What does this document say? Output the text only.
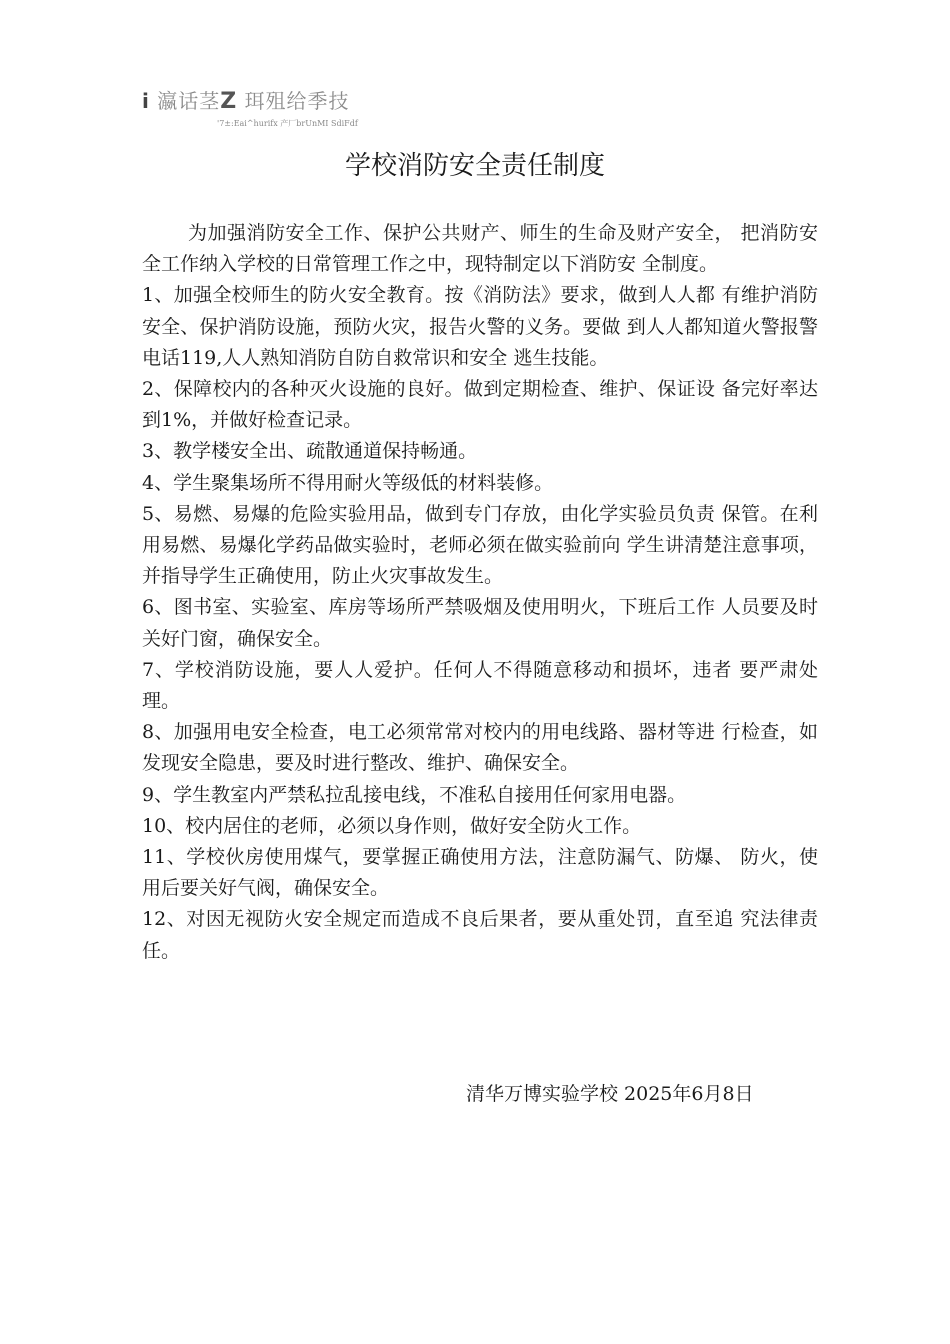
i 瀛话茎Z 珥殂给季技
'7±:Eai^hurifx 产厂brUnMI SdiFdf
学校消防安全责任制度

为加强消防安全工作、保护公共财产、师生的生命及财产安全， 把消防安全工作纳入学校的日常管理工作之中，现特制定以下消防安 全制度。

1、加强全校师生的防火安全教育。按《消防法》要求，做到人人都 有维护消防安全、保护消防设施，预防火灾，报告火警的义务。要做 到人人都知道火警报警电话119,人人熟知消防自防自救常识和安全 逃生技能。

2、保障校内的各种灭火设施的良好。做到定期检查、维护、保证设 备完好率达到1%，并做好检查记录。

3、教学楼安全出、疏散通道保持畅通。

4、学生聚集场所不得用耐火等级低的材料装修。

5、易燃、易爆的危险实验用品，做到专门存放，由化学实验员负责 保管。在利用易燃、易爆化学药品做实验时，老师必须在做实验前向 学生讲清楚注意事项，并指导学生正确使用，防止火灾事故发生。

6、图书室、实验室、库房等场所严禁吸烟及使用明火，下班后工作 人员要及时关好门窗，确保安全。

7、学校消防设施，要人人爱护。任何人不得随意移动和损坏，违者 要严肃处理。

8、加强用电安全检查，电工必须常常对校内的用电线路、器材等进 行检查，如发现安全隐患，要及时进行整改、维护、确保安全。

9、学生教室内严禁私拉乱接电线，不准私自接用任何家用电器。

10、校内居住的老师，必须以身作则，做好安全防火工作。

11、学校伙房使用煤气，要掌握正确使用方法，注意防漏气、防爆、 防火，使用后要关好气阀，确保安全。

12、对因无视防火安全规定而造成不良后果者，要从重处罚，直至追 究法律责任。

清华万博实验学校 2025年6月8日
